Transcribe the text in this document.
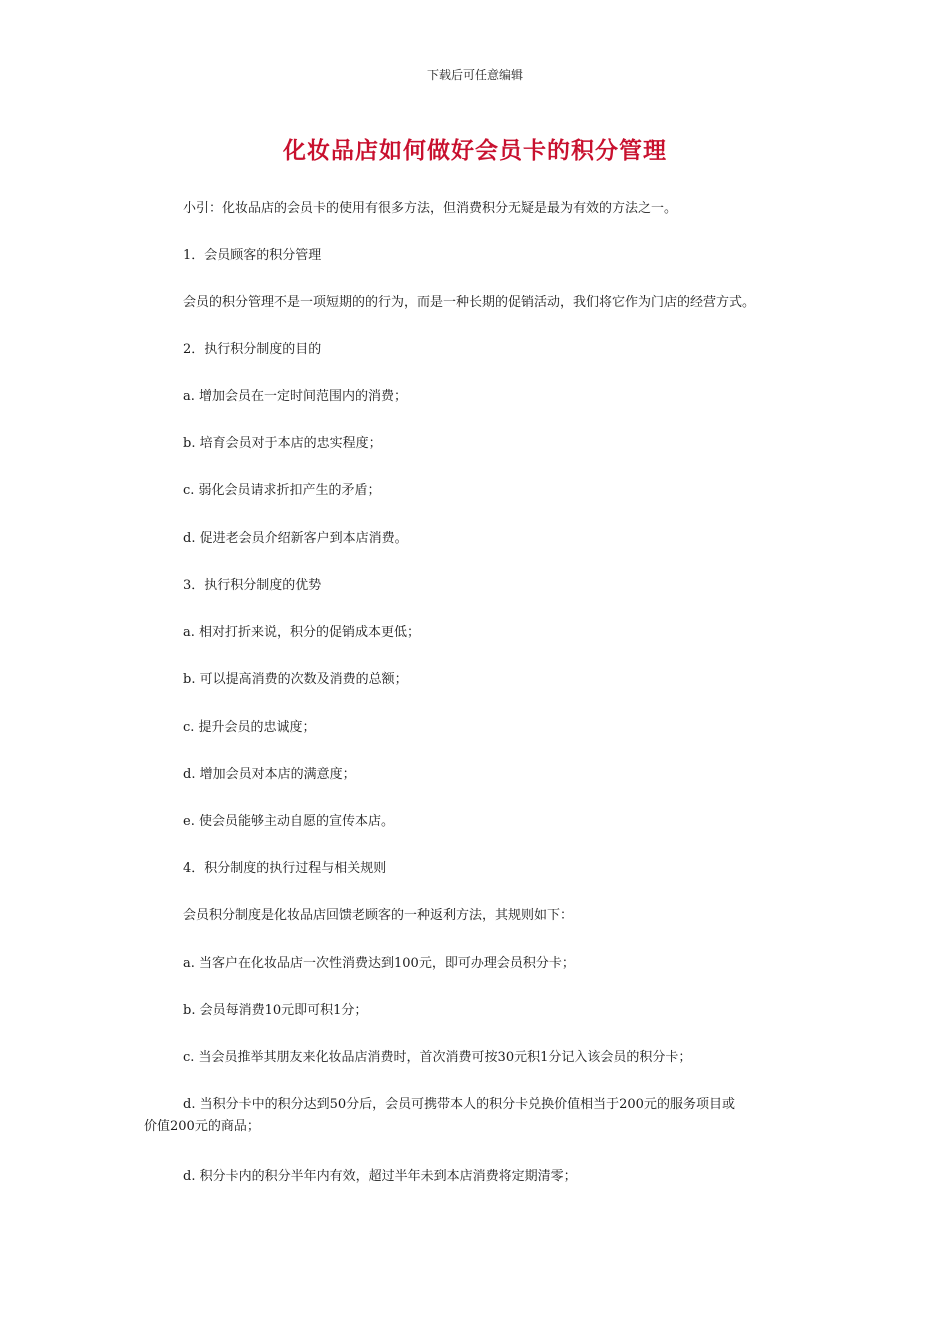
下载后可任意编辑
化妆品店如何做好会员卡的积分管理

小引：化妆品店的会员卡的使用有很多方法，但消费积分无疑是最为有效的方法之一。

1．会员顾客的积分管理

会员的积分管理不是一项短期的的行为，而是一种长期的促销活动，我们将它作为门店的经营方式。

2．执行积分制度的目的

a. 增加会员在一定时间范围内的消费；

b. 培育会员对于本店的忠实程度；

c. 弱化会员请求折扣产生的矛盾；

d. 促进老会员介绍新客户到本店消费。

3．执行积分制度的优势

a. 相对打折来说，积分的促销成本更低；

b. 可以提高消费的次数及消费的总额；

c. 提升会员的忠诚度；

d. 增加会员对本店的满意度；

e. 使会员能够主动自愿的宣传本店。

4．积分制度的执行过程与相关规则

会员积分制度是化妆品店回馈老顾客的一种返利方法，其规则如下：

a. 当客户在化妆品店一次性消费达到100元，即可办理会员积分卡；

b. 会员每消费10元即可积1分；

c. 当会员推举其朋友来化妆品店消费时，首次消费可按30元积1分记入该会员的积分卡；

d. 当积分卡中的积分达到50分后，会员可携带本人的积分卡兑换价值相当于200元的服务项目或

价值200元的商品；

d. 积分卡内的积分半年内有效，超过半年未到本店消费将定期清零；
